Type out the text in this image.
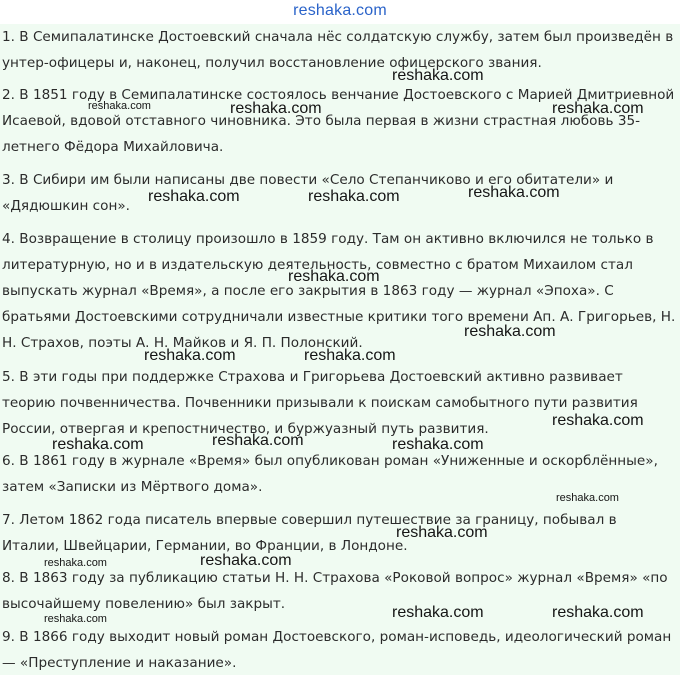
reshaka.com

1. В Семипалатинске Достоевский сначала нёс солдатскую службу, затем был произведён в унтер-офицеры и, наконец, получил восстановление офицерского звания.

2. В 1851 году в Семипалатинске состоялось венчание Достоевского с Марией Дмитриевной Исаевой, вдовой отставного чиновника. Это была первая в жизни страстная любовь 35-летнего Фёдора Михайловича.

3. В Сибири им были написаны две повести «Село Степанчиково и его обитатели» и «Дядюшкин сон».

4. Возвращение в столицу произошло в 1859 году. Там он активно включился не только в литературную, но и в издательскую деятельность, совместно с братом Михаилом стал выпускать журнал «Время», а после его закрытия в 1863 году — журнал «Эпоха». С братьями Достоевскими сотрудничали известные критики того времени Ап. А. Григорьев, Н. Н. Страхов, поэты А. Н. Майков и Я. П. Полонский.

5. В эти годы при поддержке Страхова и Григорьева Достоевский активно развивает теорию почвенничества. Почвенники призывали к поискам самобытного пути развития России, отвергая и крепостничество, и буржуазный путь развития.

6. В 1861 году в журнале «Время» был опубликован роман «Униженные и оскорблённые», затем «Записки из Мёртвого дома».

7. Летом 1862 года писатель впервые совершил путешествие за границу, побывал в Италии, Швейцарии, Германии, во Франции, в Лондоне.

8. В 1863 году за публикацию статьи Н. Н. Страхова «Роковой вопрос» журнал «Время» «по высочайшему повелению» был закрыт.

9. В 1866 году выходит новый роман Достоевского, роман-исповедь, идеологический роман — «Преступление и наказание».

reshaka.com
reshaka.com	reshaka.com	reshaka.com
reshaka.com	reshaka.com	reshaka.com
reshaka.com
reshaka.com
reshaka.com	reshaka.com
reshaka.com
reshaka.com
reshaka.com	reshaka.com
reshaka.com
reshaka.com
reshaka.com
reshaka.com
reshaka.com	reshaka.com
reshaka.com
